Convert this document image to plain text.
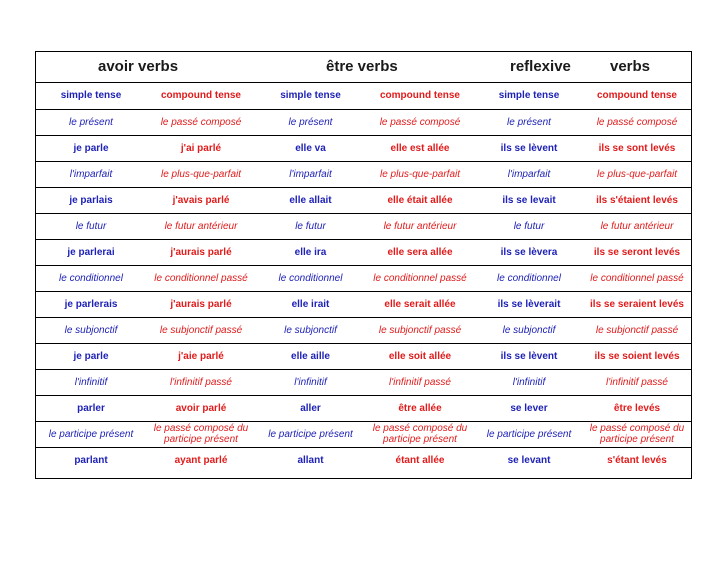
avoir verbs	être verbs	reflexive	verbs
simple tense	compound tense	simple tense	compound tense	simple tense	compound tense
le présent	le passé composé	le présent	le passé composé	le présent	le passé composé
je parle	j'ai parlé	elle va	elle est allée	ils se lèvent	ils se sont levés
l'imparfait	le plus-que-parfait	l'imparfait	le plus-que-parfait	l'imparfait	le plus-que-parfait
je parlais	j'avais parlé	elle allait	elle était allée	ils se levait	ils s'étaient levés
le futur	le futur antérieur	le futur	le futur antérieur	le futur	le futur antérieur
je parlerai	j'aurais parlé	elle ira	elle sera allée	ils se lèvera	ils se seront levés
le conditionnel	le conditionnel passé	le conditionnel	le conditionnel passé	le conditionnel	le conditionnel passé
je parlerais	j'aurais parlé	elle irait	elle serait allée	ils se lèverait	ils se seraient levés
le subjonctif	le subjonctif passé	le subjonctif	le subjonctif passé	le subjonctif	le subjonctif passé
je parle	j'aie parlé	elle aille	elle soit allée	ils se lèvent	ils se soient levés
l'infinitif	l'infinitif passé	l'infinitif	l'infinitif passé	l'infinitif	l'infinitif passé
parler	avoir parlé	aller	être allée	se lever	être levés
le participe présent	le passé composé du participe présent	le participe présent	le passé composé du participe présent	le participe présent	le passé composé du participe présent
parlant	ayant parlé	allant	étant allée	se levant	s'étant levés
